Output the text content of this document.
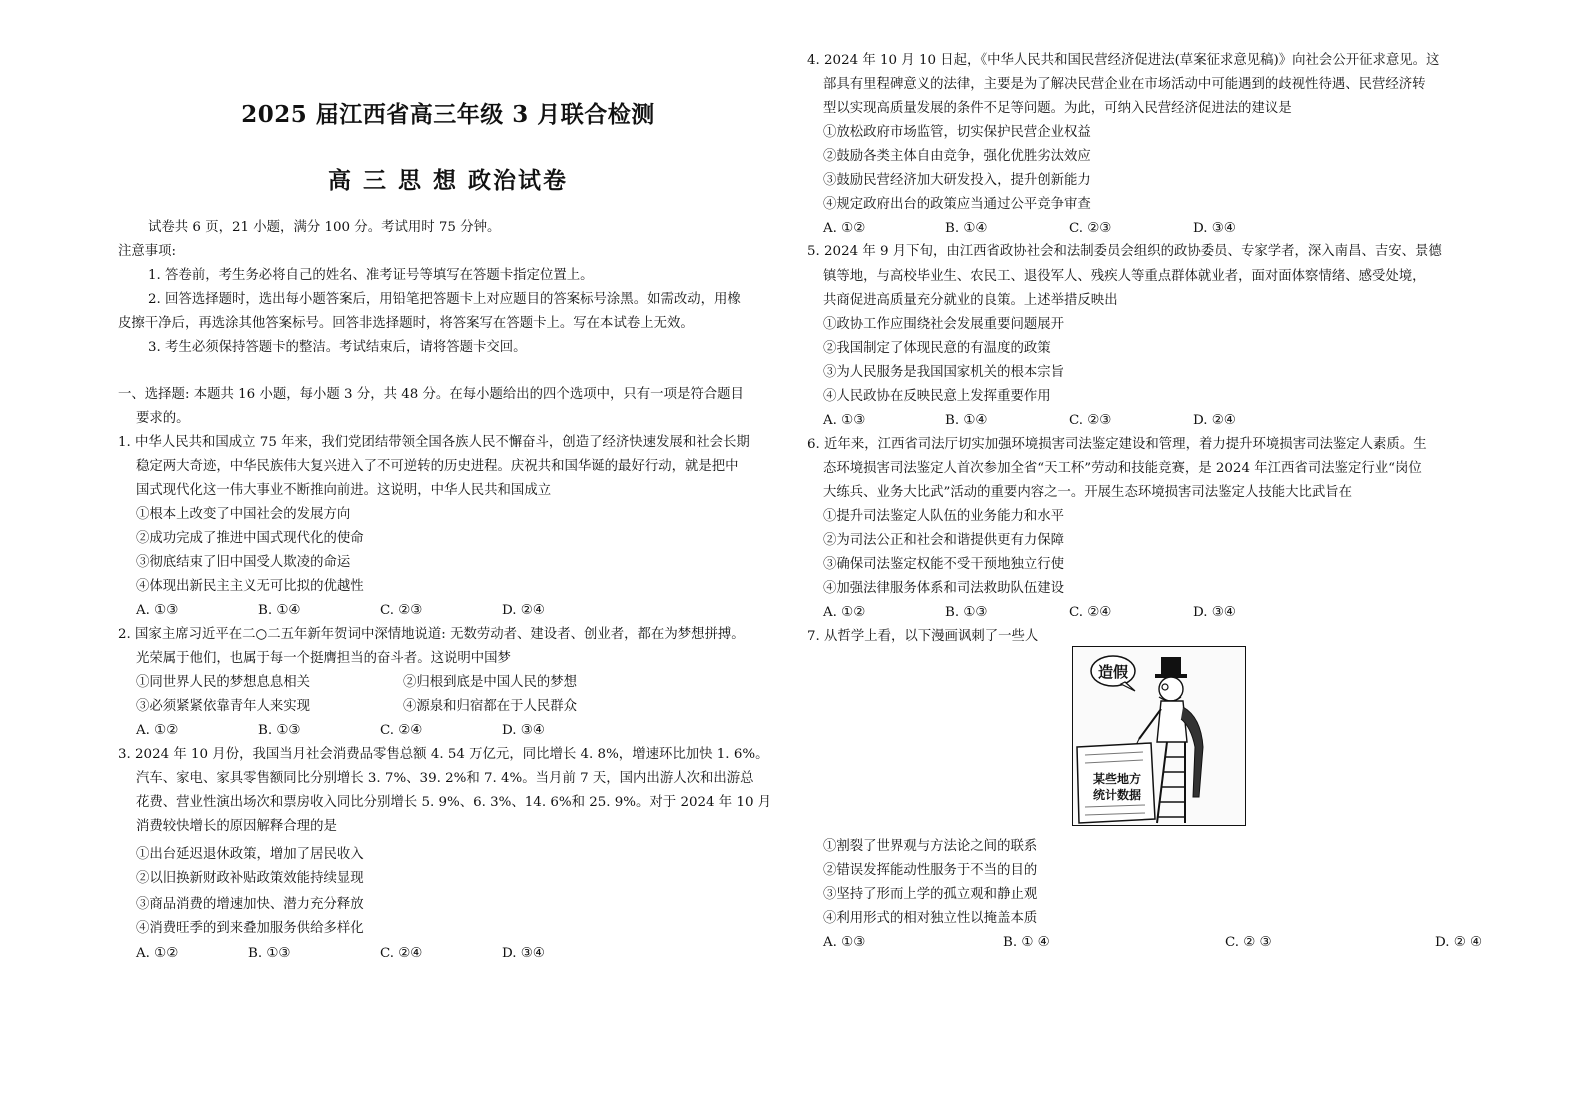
2025 届江西省高三年级 3 月联合检测
高 三 思 想 政治试卷
试卷共 6 页，21 小题，满分 100 分。考试用时 75 分钟。
注意事项:
1. 答卷前，考生务必将自己的姓名、准考证号等填写在答题卡指定位置上。
2. 回答选择题时，选出每小题答案后，用铅笔把答题卡上对应题目的答案标号涂黑。如需改动，用橡
皮擦干净后，再选涂其他答案标号。回答非选择题时，将答案写在答题卡上。写在本试卷上无效。
3. 考生必须保持答题卡的整洁。考试结束后，请将答题卡交回。
一、选择题: 本题共 16 小题，每小题 3 分，共 48 分。在每小题给出的四个选项中，只有一项是符合题目
要求的。
1. 中华人民共和国成立 75 年来，我们党团结带领全国各族人民不懈奋斗，创造了经济快速发展和社会长期
稳定两大奇迹，中华民族伟大复兴进入了不可逆转的历史进程。庆祝共和国华诞的最好行动，就是把中
国式现代化这一伟大事业不断推向前进。这说明，中华人民共和国成立
①根本上改变了中国社会的发展方向
②成功完成了推进中国式现代化的使命
③彻底结束了旧中国受人欺凌的命运
④体现出新民主主义无可比拟的优越性
A. ①③	B. ①④	C. ②③	D. ②④
2. 国家主席习近平在二○二五年新年贺词中深情地说道: 无数劳动者、建设者、创业者，都在为梦想拼搏。
光荣属于他们，也属于每一个挺膺担当的奋斗者。这说明中国梦
①同世界人民的梦想息息相关	②归根到底是中国人民的梦想
③必须紧紧依靠青年人来实现	④源泉和归宿都在于人民群众
A. ①②	B. ①③	C. ②④	D. ③④
3. 2024 年 10 月份，我国当月社会消费品零售总额 4. 54 万亿元，同比增长 4. 8%，增速环比加快 1. 6%。
汽车、家电、家具零售额同比分别增长 3. 7%、39. 2%和 7. 4%。当月前 7 天，国内出游人次和出游总
花费、营业性演出场次和票房收入同比分别增长 5. 9%、6. 3%、14. 6%和 25. 9%。对于 2024 年 10 月
消费较快增长的原因解释合理的是
①出台延迟退休政策，增加了居民收入
②以旧换新财政补贴政策效能持续显现
③商品消费的增速加快、潜力充分释放
④消费旺季的到来叠加服务供给多样化
A. ①②	B. ①③	C. ②④	D. ③④
4. 2024 年 10 月 10 日起，《中华人民共和国民营经济促进法(草案征求意见稿)》向社会公开征求意见。这
部具有里程碑意义的法律，主要是为了解决民营企业在市场活动中可能遇到的歧视性待遇、民营经济转
型以实现高质量发展的条件不足等问题。为此，可纳入民营经济促进法的建议是
①放松政府市场监管，切实保护民营企业权益
②鼓励各类主体自由竞争，强化优胜劣汰效应
③鼓励民营经济加大研发投入，提升创新能力
④规定政府出台的政策应当通过公平竞争审查
A. ①②	B. ①④	C. ②③	D. ③④
5. 2024 年 9 月下旬，由江西省政协社会和法制委员会组织的政协委员、专家学者，深入南昌、吉安、景德
镇等地，与高校毕业生、农民工、退役军人、残疾人等重点群体就业者，面对面体察情绪、感受处境，
共商促进高质量充分就业的良策。上述举措反映出
①政协工作应围绕社会发展重要问题展开
②我国制定了体现民意的有温度的政策
③为人民服务是我国国家机关的根本宗旨
④人民政协在反映民意上发挥重要作用
A. ①③	B. ①④	C. ②③	D. ②④
6. 近年来，江西省司法厅切实加强环境损害司法鉴定建设和管理，着力提升环境损害司法鉴定人素质。生
态环境损害司法鉴定人首次参加全省“天工杯”劳动和技能竞赛，是 2024 年江西省司法鉴定行业“岗位
大练兵、业务大比武”活动的重要内容之一。开展生态环境损害司法鉴定人技能大比武旨在
①提升司法鉴定人队伍的业务能力和水平
②为司法公正和社会和谐提供更有力保障
③确保司法鉴定权能不受干预地独立行使
④加强法律服务体系和司法救助队伍建设
A. ①②	B. ①③	C. ②④	D. ③④
7. 从哲学上看，以下漫画讽刺了一些人
造假
某些地方
统计数据
①割裂了世界观与方法论之间的联系
②错误发挥能动性服务于不当的目的
③坚持了形而上学的孤立观和静止观
④利用形式的相对独立性以掩盖本质
A. ①③	B. ① ④	C. ② ③	D. ② ④
